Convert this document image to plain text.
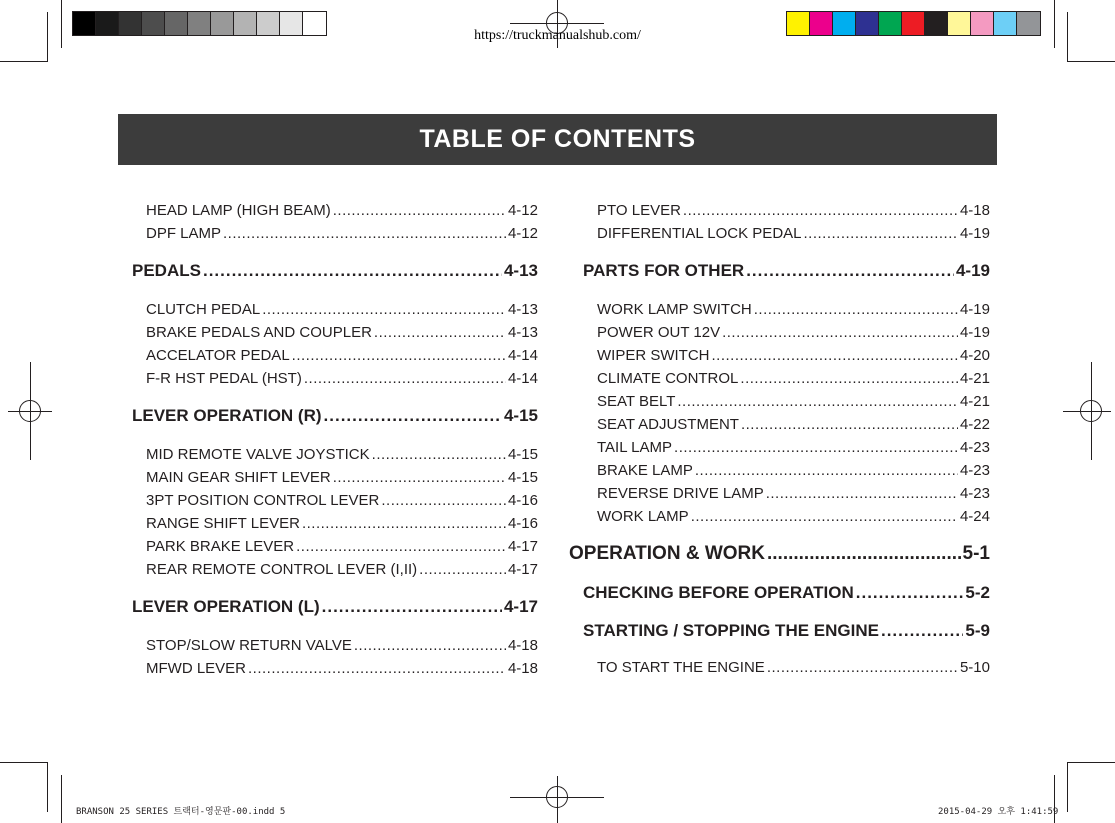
https://truckmanualshub.com/
TABLE OF CONTENTS
HEAD LAMP (HIGH BEAM) .....	4-12
DPF LAMP .....	4-12
PEDALS .....	4-13
CLUTCH PEDAL .....	4-13
BRAKE PEDALS AND COUPLER .....	4-13
ACCELATOR PEDAL .....	4-14
F-R HST PEDAL (HST) .....	4-14
LEVER OPERATION (R) .....	4-15
MID REMOTE VALVE JOYSTICK .....	4-15
MAIN GEAR SHIFT LEVER .....	4-15
3PT POSITION CONTROL LEVER .....	4-16
RANGE SHIFT LEVER .....	4-16
PARK BRAKE LEVER .....	4-17
REAR REMOTE CONTROL LEVER (I,II) .....	4-17
LEVER OPERATION (L) .....	4-17
STOP/SLOW RETURN VALVE .....	4-18
MFWD LEVER .....	4-18
PTO LEVER .....	4-18
DIFFERENTIAL LOCK PEDAL .....	4-19
PARTS FOR OTHER .....	4-19
WORK LAMP SWITCH .....	4-19
POWER OUT 12V .....	4-19
WIPER SWITCH .....	4-20
CLIMATE CONTROL .....	4-21
SEAT BELT .....	4-21
SEAT ADJUSTMENT .....	4-22
TAIL LAMP .....	4-23
BRAKE LAMP .....	4-23
REVERSE DRIVE LAMP .....	4-23
WORK LAMP .....	4-24
OPERATION & WORK .....	5-1
CHECKING BEFORE OPERATION .....	5-2
STARTING / STOPPING THE ENGINE .....	5-9
TO START THE ENGINE .....	5-10
BRANSON 25 SERIES 트랙터-영문판-00.indd 5	2015-04-29 오후 1:41:59
